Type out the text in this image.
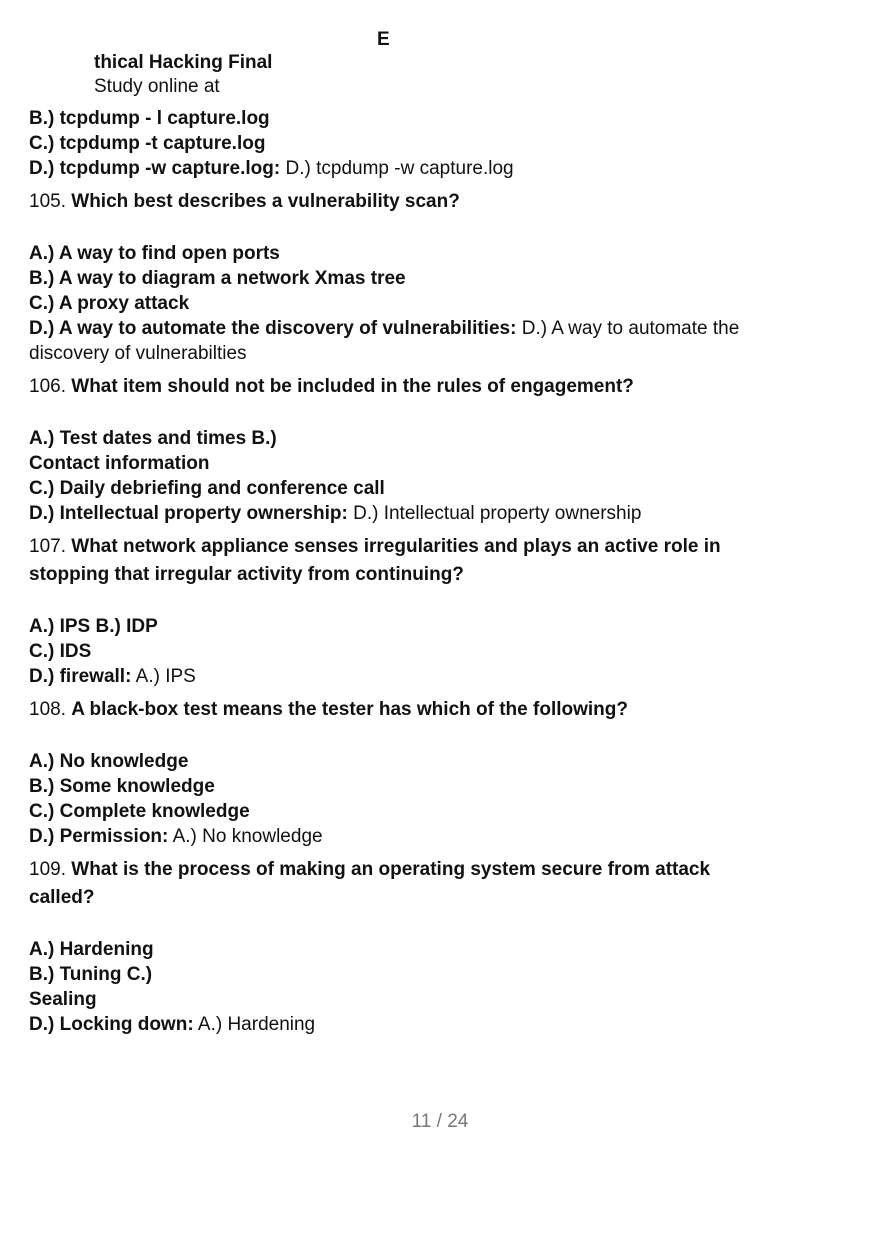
E
thical Hacking Final
Study online at

B.) tcpdump - l capture.log

C.) tcpdump -t capture.log

D.) tcpdump -w capture.log: D.) tcpdump -w capture.log

105. Which best describes a vulnerability scan?

A.) A way to find open ports

B.) A way to diagram a network Xmas tree

C.) A proxy attack

D.) A way to automate the discovery of vulnerabilities: D.) A way to automate the discovery of vulnerabilties

106. What item should not be included in the rules of engagement?

A.) Test dates and times B.)

Contact information

C.) Daily debriefing and conference call

D.) Intellectual property ownership: D.) Intellectual property ownership

107. What network appliance senses irregularities and plays an active role in stopping that irregular activity from continuing?

A.) IPS B.) IDP

C.) IDS

D.) firewall: A.) IPS

108. A black-box test means the tester has which of the following?

A.) No knowledge

B.) Some knowledge

C.) Complete knowledge

D.) Permission: A.) No knowledge

109. What is the process of making an operating system secure from attack called?

A.) Hardening

B.) Tuning C.)

Sealing

D.) Locking down: A.) Hardening

11 / 24
